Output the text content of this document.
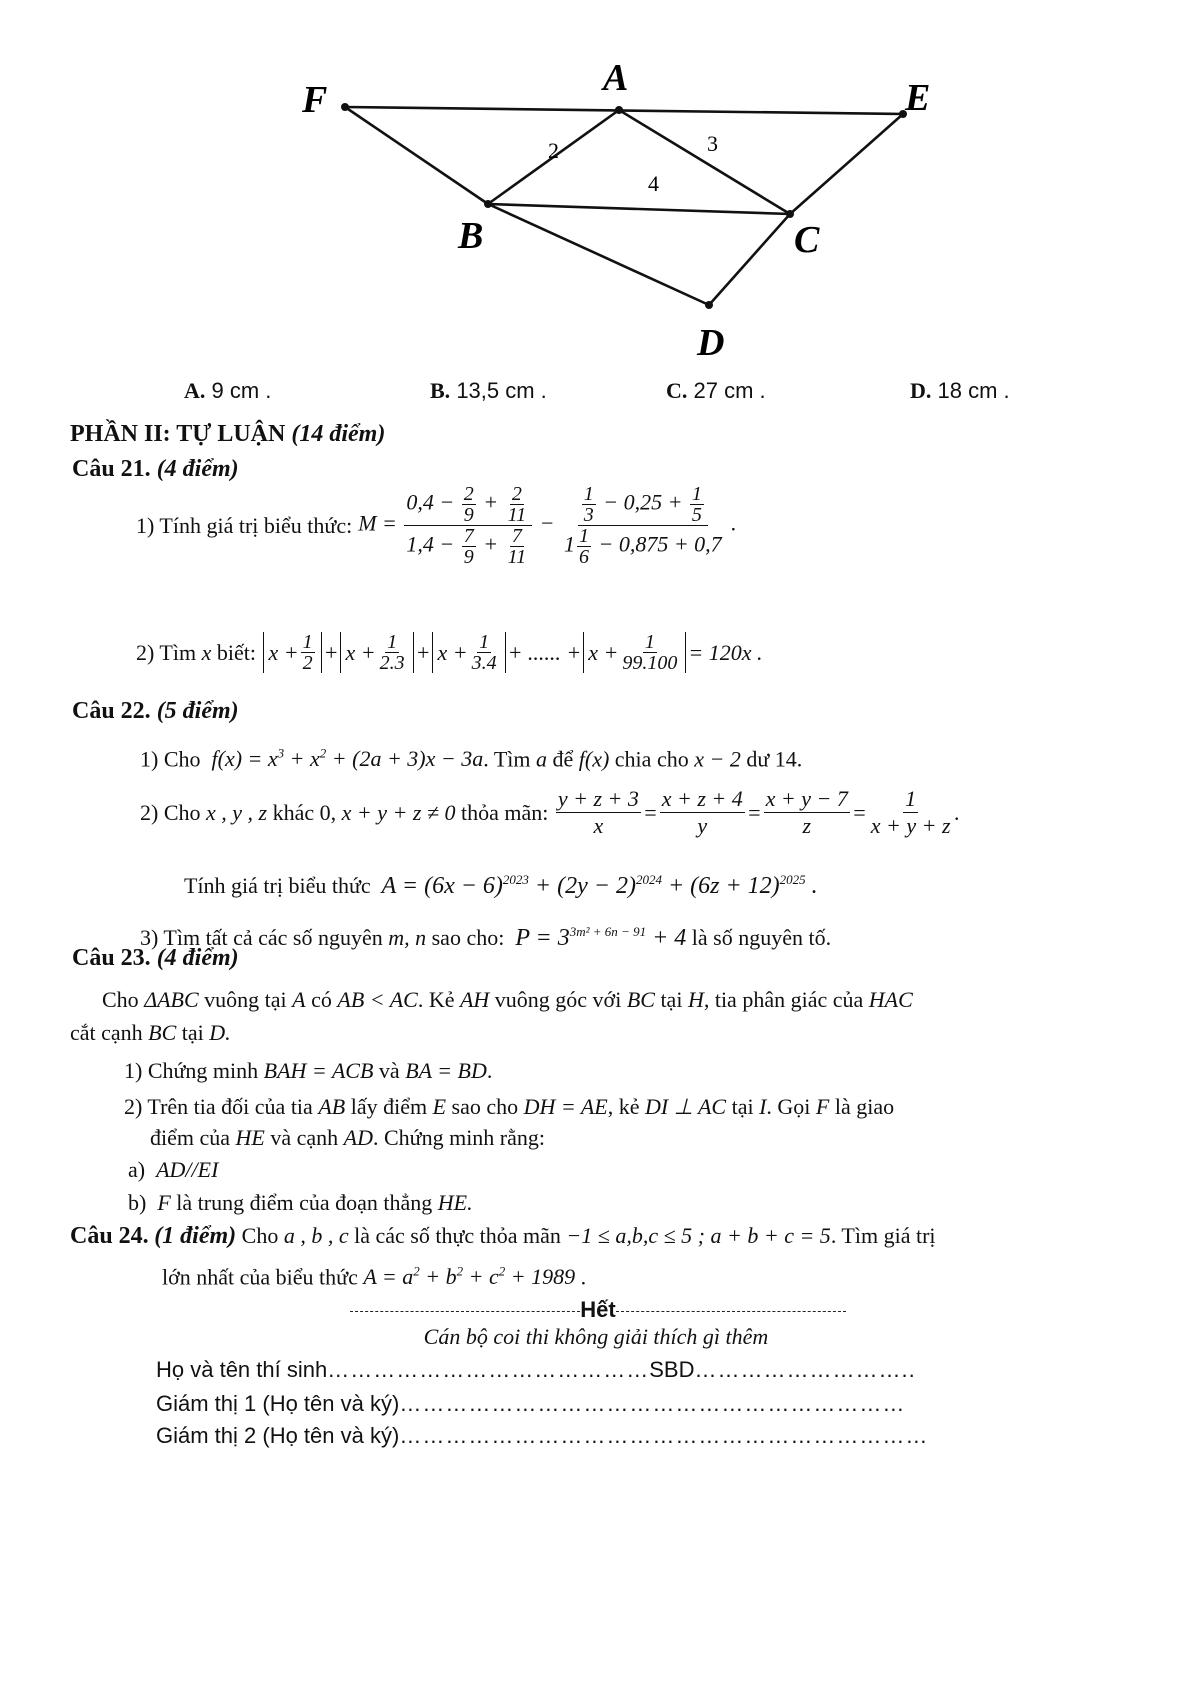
F
A	E
B	C
D
2	3
4
A. 9 cm .	B. 13,5 cm .	C. 27 cm .	D. 18 cm .
PHẦN II: TỰ LUẬN (14 điểm)
Câu 21. (4 điểm)
1) Tính giá trị biểu thức: $M = \frac{0,4 - \frac{2}{9} + \frac{2}{11}}{1,4 - \frac{7}{9} + \frac{7}{11}} - \frac{\frac{1}{3} - 0,25 + \frac{1}{5}}{1 \frac{1}{6} - 0,875 + 0,7}$ .
2) Tìm
x
biết:
$x + \frac{1}{2} + x + \frac{1}{2.3} + x + \frac{1}{3.4}$ + ...... + $x + \frac{1}{99.100} = 120x$ .
Câu 22. (5 điểm)
1) Cho $f(x) = x^3 + x^2 + (2a + 3)x - 3a$. Tìm a để f(x) chia cho x − 2 dư 14.
2) Cho
x , y , z
khác 0,
x + y + z ≠ 0
thỏa mãn:
$\frac{y + z + 3}{x} = \frac{x + z + 4}{y} = \frac{x + y - 7}{z} = \frac{1}{x + y + z}$ .
Tính giá trị biểu thức $A = (6x - 6)^{2023} + (2y - 2)^{2024} + (6z + 12)^{2025}$ .
3) Tìm tất cả các số nguyên m, n sao cho: $P = 3^{3m^2 + 6n - 91} + 4$ là số nguyên tố.
Câu 23. (4 điểm)
Cho ΔABC vuông tại A có AB < AC. Kẻ AH vuông góc với BC tại H, tia phân giác của HAC
cắt cạnh BC tại D.
1) Chứng minh BAH = ACB và BA = BD.
2) Trên tia đối của tia AB lấy điểm E sao cho DH = AE, kẻ DI ⊥ AC tại I. Gọi F là giao
điểm của HE và cạnh AD. Chứng minh rằng:
a) AD//EI
b) F là trung điểm của đoạn thẳng HE.
Câu 24. (1 điểm) Cho a , b , c là các số thực thỏa mãn −1 ≤ a,b,c ≤ 5 ; a + b + c = 5. Tìm giá trị
lớn nhất của biểu thức $A = a^2 + b^2 + c^2 + 1989$ .
Hết
Cán bộ coi thi không giải thích gì thêm
Họ và tên thí sinh……………………………………SBD………………………..
Giám thị 1 (Họ tên và ký)…………………………………………………………
Giám thị 2 (Họ tên và ký)……………………………………………………………
